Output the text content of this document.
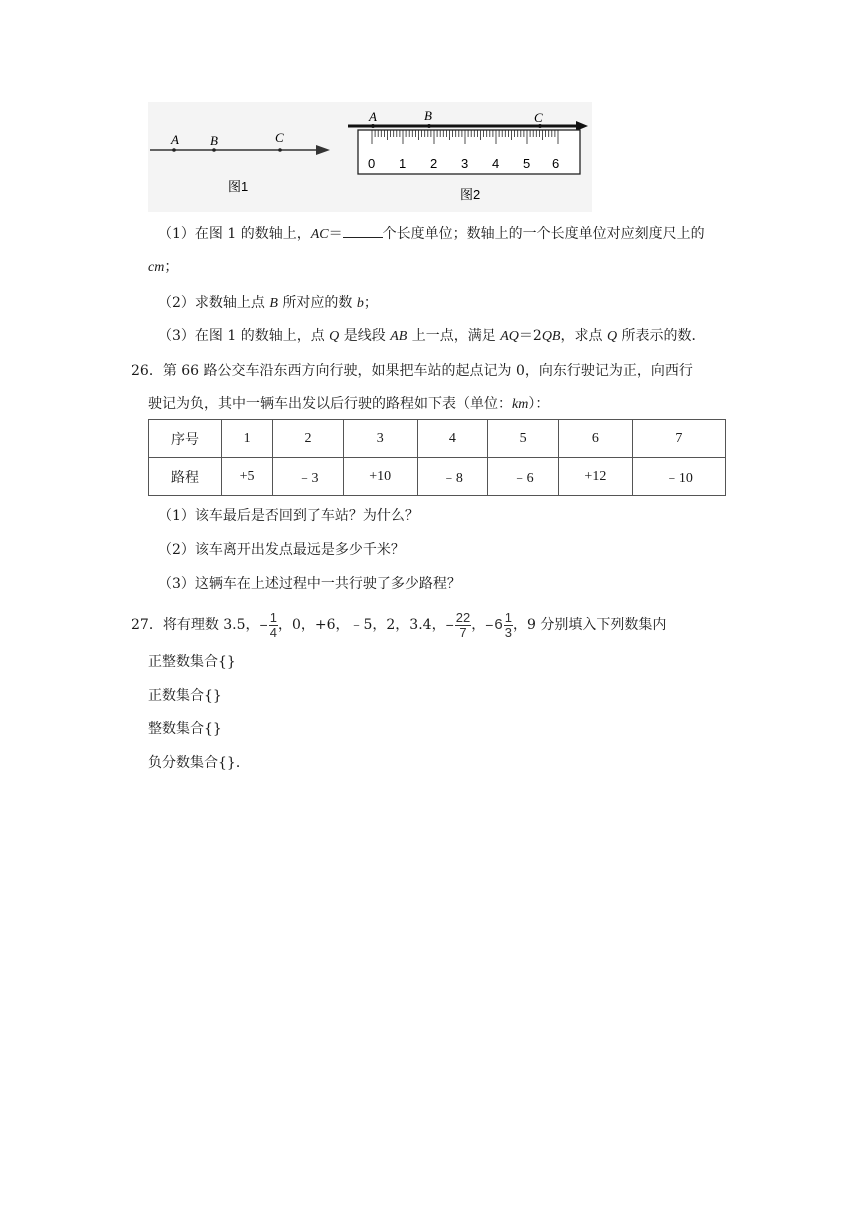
A B	C
图1
A	B	C
0 1 2 3 4 5 6
图2
（1）在图 1 的数轴上，AC＝	个长度单位；数轴上的一个长度单位对应刻度尺上的
cm；
（2）求数轴上点 B 所对应的数 b；
（3）在图 1 的数轴上，点 Q 是线段 AB 上一点，满足 AQ＝2QB，求点 Q 所表示的数．
26．第 66 路公交车沿东西方向行驶，如果把车站的起点记为 0，向东行驶记为正，向西行
驶记为负，其中一辆车出发以后行驶的路程如下表（单位：km）：
序号	1	2	3	4	5	6	7
路程	+5	﹣3	+10	﹣8	﹣6	+12	﹣10
（1）该车最后是否回到了车站？为什么？
（2）该车离开出发点最远是多少千米？
（3）这辆车在上述过程中一共行驶了多少路程？
27．将有理数 3.5， − $\frac{1}{4}$ ，0，+6，﹣5，2，3.4， − $\frac{22}{7}$ ， − $6 \frac{1}{3}$ ，9 分别填入下列数集内
正整数集合{}
正数集合{}
整数集合{}
负分数集合{}．
